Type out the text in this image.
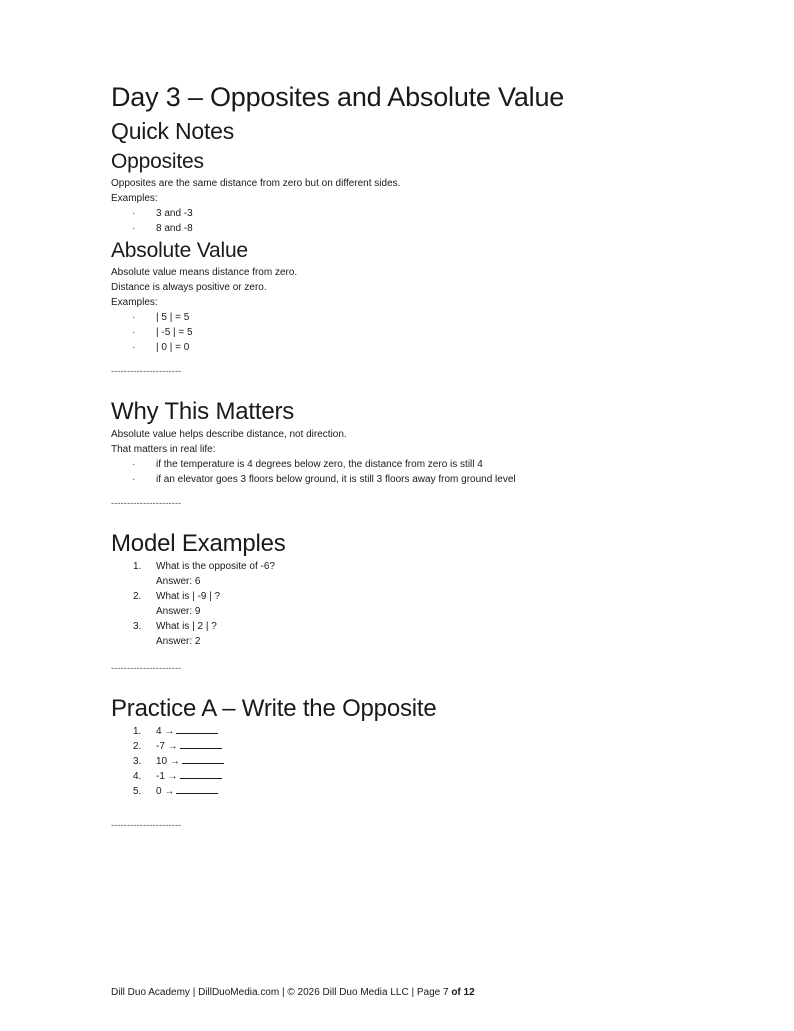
Day 3 – Opposites and Absolute Value
Quick Notes
Opposites

Opposites are the same distance from zero but on different sides.

Examples:

· 3 and -3
· 8 and -8
Absolute Value

Absolute value means distance from zero.

Distance is always positive or zero.

Examples:

· | 5 | = 5
· | -5 | = 5
· | 0 | = 0
----------------------
Why This Matters

Absolute value helps describe distance, not direction.

That matters in real life:

· if the temperature is 4 degrees below zero, the distance from zero is still 4
· if an elevator goes 3 floors below ground, it is still 3 floors away from ground level
----------------------
Model Examples
1. What is the opposite of -6?
Answer: 6
2. What is | -9 | ?
Answer: 9
3. What is | 2 | ?
Answer: 2
----------------------
Practice A – Write the Opposite
1. 4 →
2. -7 →
3. 10 →
4. -1 →
5. 0 →
----------------------
Dill Duo Academy | DillDuoMedia.com | © 2026 Dill Duo Media LLC | Page 7 of 12
